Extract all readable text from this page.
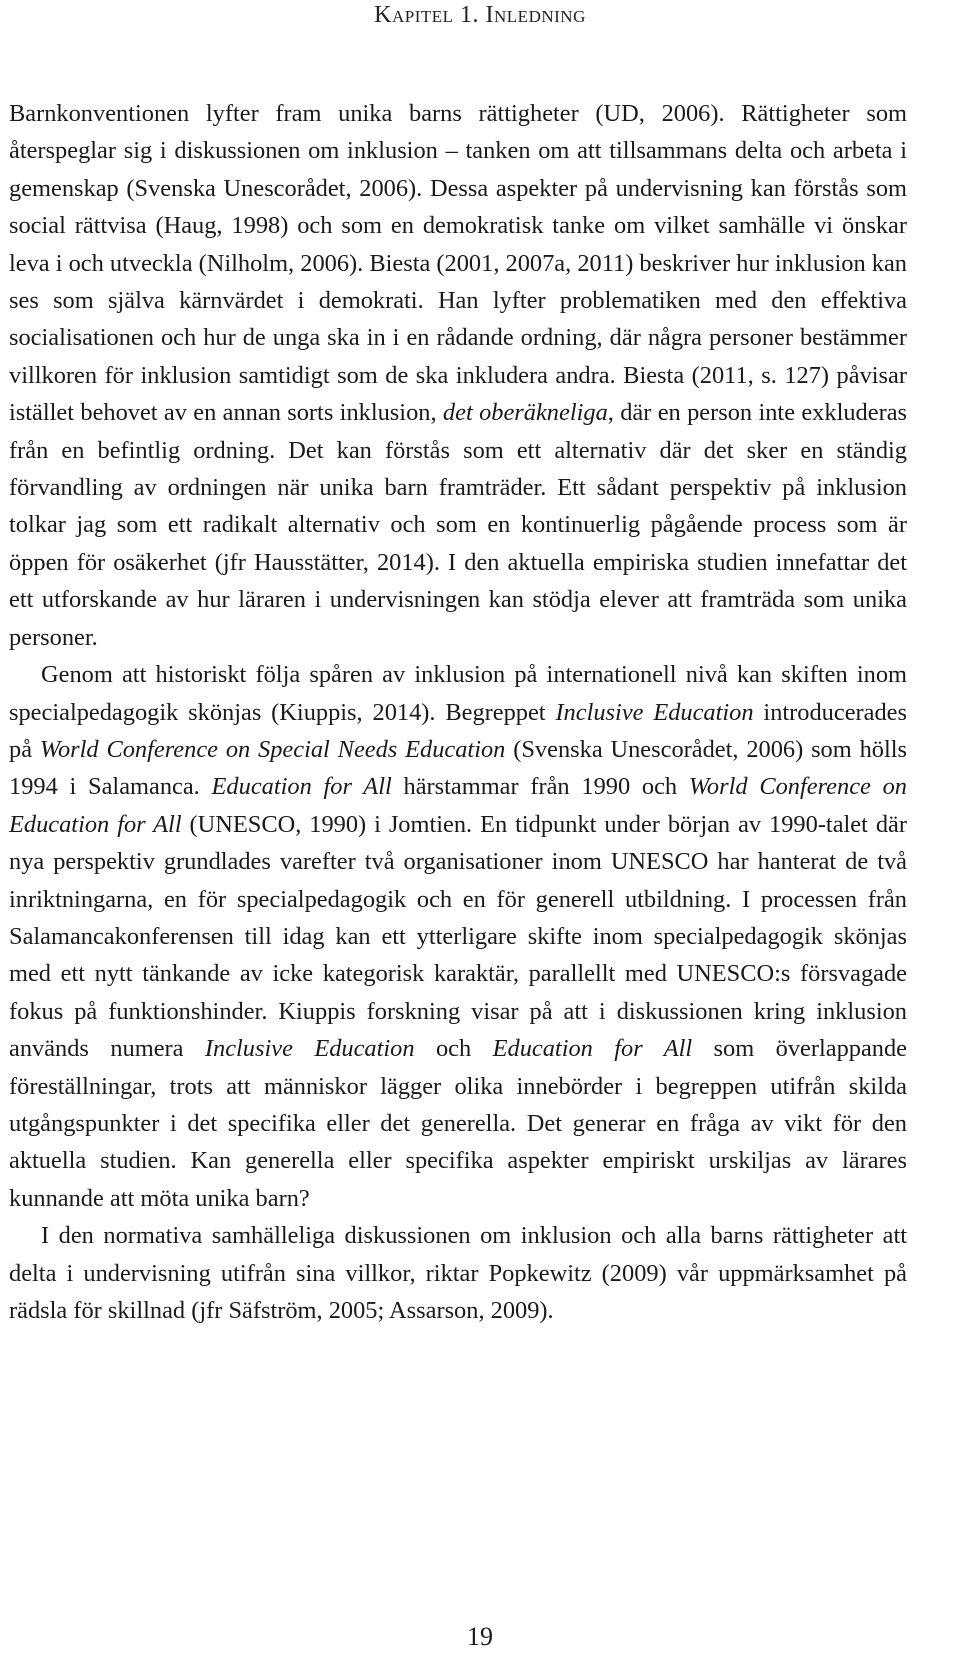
Kapitel 1. Inledning

Barnkonventionen lyfter fram unika barns rättigheter (UD, 2006). Rättigheter som återspeglar sig i diskussionen om inklusion – tanken om att tillsammans delta och arbeta i gemenskap (Svenska Unescorådet, 2006). Dessa aspekter på undervisning kan förstås som social rättvisa (Haug, 1998) och som en demokratisk tanke om vilket samhälle vi önskar leva i och utveckla (Nilholm, 2006). Biesta (2001, 2007a, 2011) beskriver hur inklusion kan ses som själva kärnvärdet i demokrati. Han lyfter problematiken med den effektiva socialisationen och hur de unga ska in i en rådande ordning, där några personer bestämmer villkoren för inklusion samtidigt som de ska inkludera andra. Biesta (2011, s. 127) påvisar istället behovet av en annan sorts inklusion, det oberäkneliga, där en person inte exkluderas från en befintlig ordning. Det kan förstås som ett alternativ där det sker en ständig förvandling av ordningen när unika barn framträder. Ett sådant perspektiv på inklusion tolkar jag som ett radikalt alternativ och som en kontinuerlig pågående process som är öppen för osäkerhet (jfr Hausstätter, 2014). I den aktuella empiriska studien innefattar det ett utforskande av hur läraren i undervisningen kan stödja elever att framträda som unika personer.

Genom att historiskt följa spåren av inklusion på internationell nivå kan skiften inom specialpedagogik skönjas (Kiuppis, 2014). Begreppet Inclusive Education introducerades på World Conference on Special Needs Education (Svenska Unescorådet, 2006) som hölls 1994 i Salamanca. Education for All härstammar från 1990 och World Conference on Education for All (UNESCO, 1990) i Jomtien. En tidpunkt under början av 1990-talet där nya perspektiv grundlades varefter två organisationer inom UNESCO har hanterat de två inriktningarna, en för specialpedagogik och en för generell utbildning. I processen från Salamancakonferensen till idag kan ett ytterligare skifte inom specialpedagogik skönjas med ett nytt tänkande av icke kategorisk karaktär, parallellt med UNESCO:s försvagade fokus på funktionshinder. Kiuppis forskning visar på att i diskussionen kring inklusion används numera Inclusive Education och Education for All som överlappande föreställningar, trots att människor lägger olika innebörder i begreppen utifrån skilda utgångspunkter i det specifika eller det generella. Det generar en fråga av vikt för den aktuella studien. Kan generella eller specifika aspekter empiriskt urskiljas av lärares kunnande att möta unika barn?

I den normativa samhälleliga diskussionen om inklusion och alla barns rättigheter att delta i undervisning utifrån sina villkor, riktar Popkewitz (2009) vår uppmärksamhet på rädsla för skillnad (jfr Säfström, 2005; Assarson, 2009).

19
